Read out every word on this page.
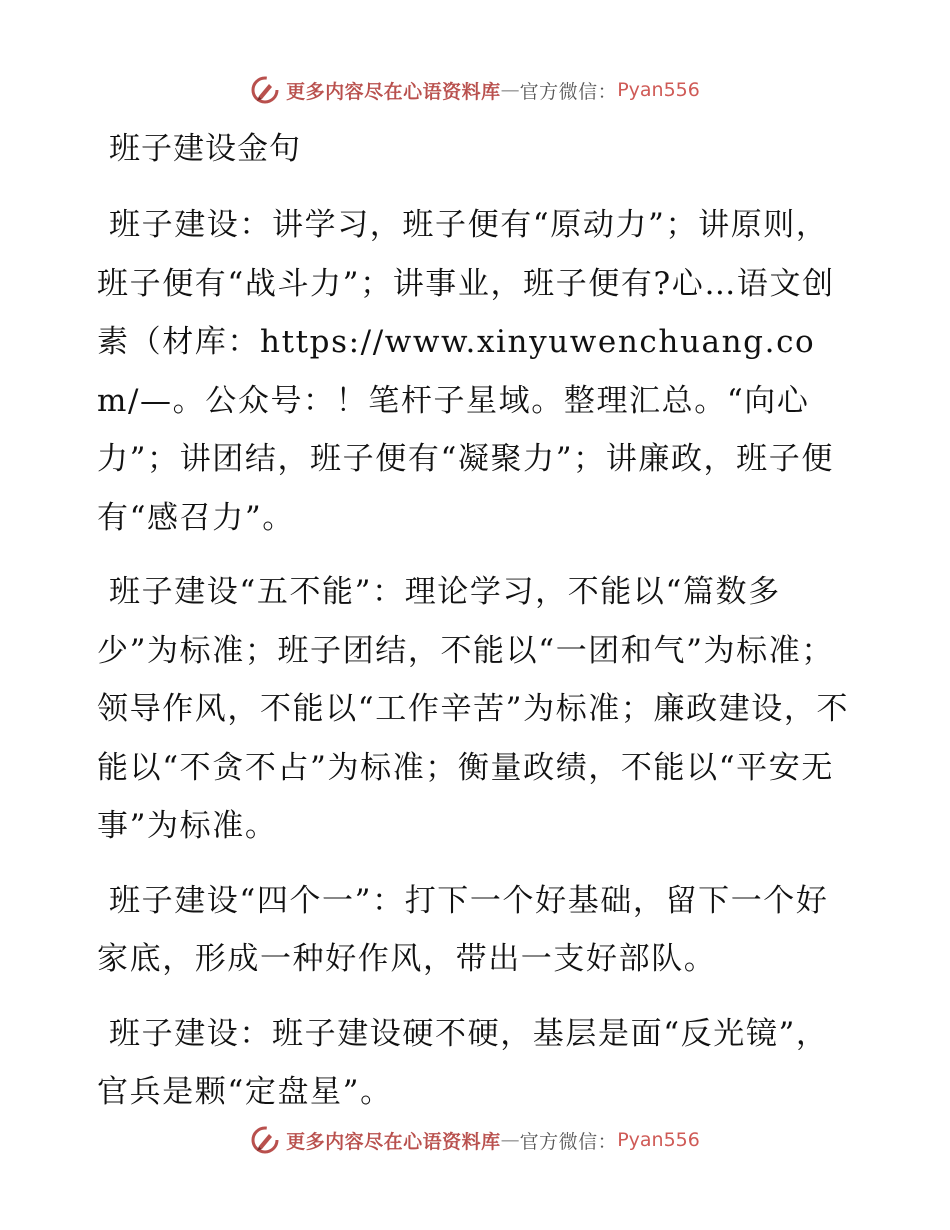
更多内容尽在心语资料库 — 官方微信： Pyan556
班子建设金句

班子建设：讲学习，班子便有“原动力”；讲原则，班子便有“战斗力”；讲事业，班子便有?心…语文创素（材库：https://www.xinyuwenchuang.com/—。公众号：！笔杆子星域。整理汇总。“向心力”；讲团结，班子便有“凝聚力”；讲廉政，班子便有“感召力”。

班子建设“五不能”：理论学习，不能以“篇数多少”为标准；班子团结，不能以“一团和气”为标准；领导作风，不能以“工作辛苦”为标准；廉政建设，不能以“不贪不占”为标准；衡量政绩，不能以“平安无事”为标准。

班子建设“四个一”：打下一个好基础，留下一个好家底，形成一种好作风，带出一支好部队。

班子建设：班子建设硬不硬，基层是面“反光镜”，官兵是颗“定盘星”。

更多内容尽在心语资料库 — 官方微信： Pyan556
